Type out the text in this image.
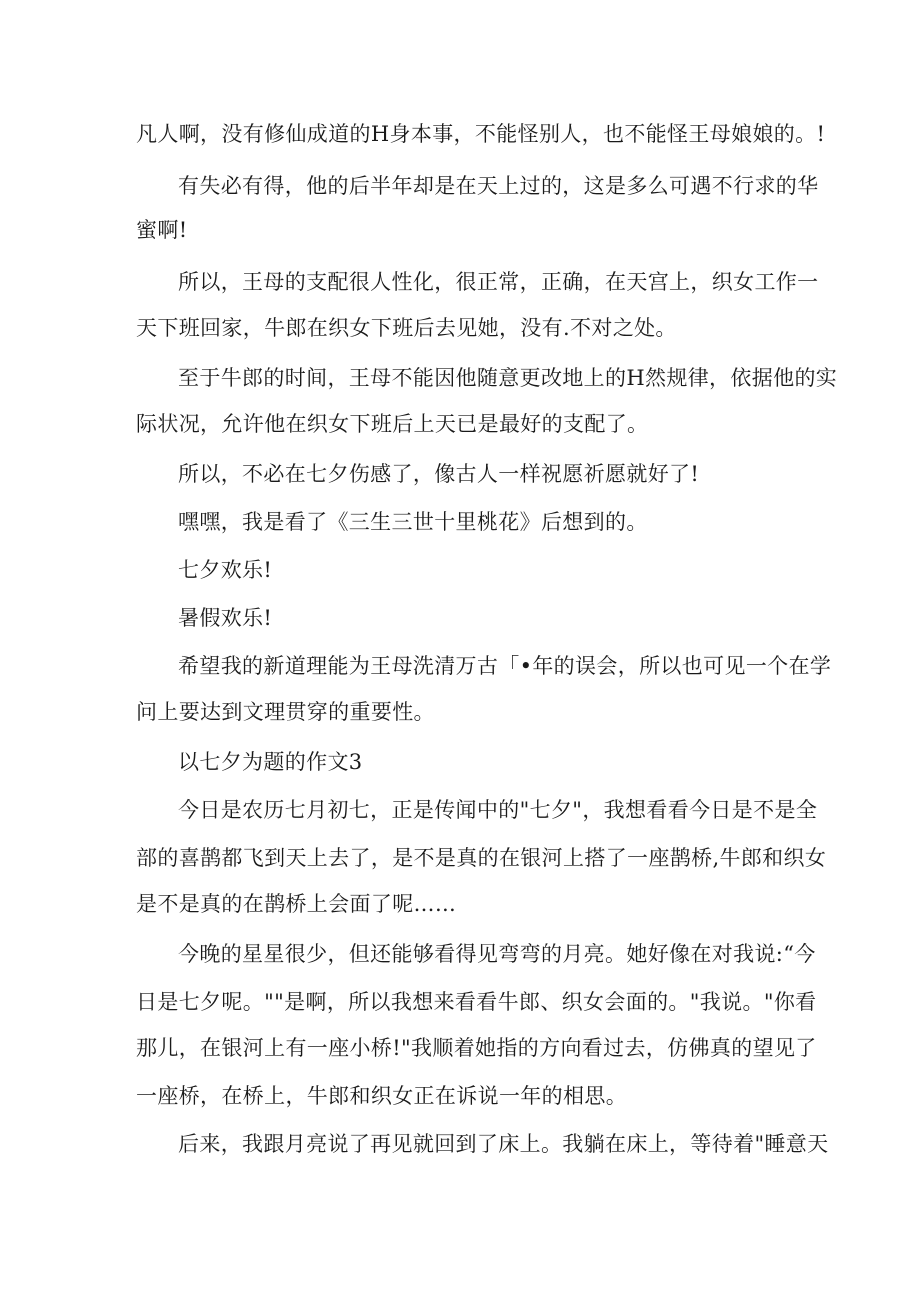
凡人啊，没有修仙成道的H身本事，不能怪别人，也不能怪王母娘娘的。!
有失必有得，他的后半年却是在天上过的，这是多么可遇不行求的华
蜜啊!
所以，王母的支配很人性化，很正常，正确，在天宫上，织女工作一
天下班回家，牛郎在织女下班后去见她，没有.不对之处。
至于牛郎的时间，王母不能因他随意更改地上的H然规律，依据他的实
际状况，允许他在织女下班后上天已是最好的支配了。
所以，不必在七夕伤感了，像古人一样祝愿祈愿就好了!
嘿嘿，我是看了《三生三世十里桃花》后想到的。
七夕欢乐!
暑假欢乐!
希望我的新道理能为王母洗清万古「•年的误会，所以也可见一个在学
问上要达到文理贯穿的重要性。
以七夕为题的作文3
今日是农历七月初七，正是传闻中的"七夕"，我想看看今日是不是全
部的喜鹊都飞到天上去了，是不是真的在银河上搭了一座鹊桥,牛郎和织女
是不是真的在鹊桥上会面了呢……
今晚的星星很少，但还能够看得见弯弯的月亮。她好像在对我说:“今
日是七夕呢。""是啊，所以我想来看看牛郎、织女会面的。"我说。"你看
那儿，在银河上有一座小桥!"我顺着她指的方向看过去，仿佛真的望见了
一座桥，在桥上，牛郎和织女正在诉说一年的相思。
后来，我跟月亮说了再见就回到了床上。我躺在床上，等待着"睡意天
